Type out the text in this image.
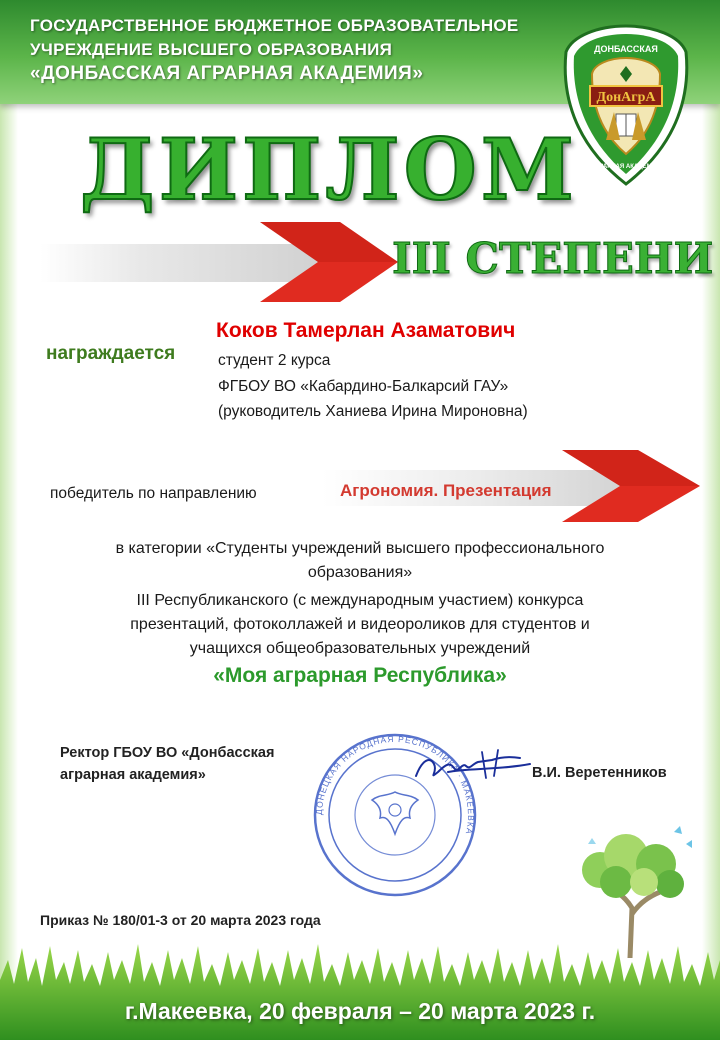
ГОСУДАРСТВЕННОЕ БЮДЖЕТНОЕ ОБРАЗОВАТЕЛЬНОЕ
УЧРЕЖДЕНИЕ ВЫСШЕГО ОБРАЗОВАНИЯ
«ДОНБАССКАЯ АГРАРНАЯ АКАДЕМИЯ»
ДонАгрА
ДОНБАССКАЯ
АГРАРНАЯ АКАДЕМИЯ
ДИПЛОМ
III СТЕПЕНИ
награждается
Коков Тамерлан Азаматович
студент 2 курса
ФГБОУ ВО «Кабардино-Балкарсий ГАУ»
(руководитель Ханиева Ирина Мироновна)
победитель по направлению	Агрономия. Презентация
в категории «Студенты учреждений высшего профессионального
образования»
III Республиканского (с международным участием) конкурса
презентаций, фотоколлажей и видеороликов для студентов и
учащихся общеобразовательных учреждений
«Моя аграрная Республика»
Ректор ГБОУ ВО «Донбасская
аграрная академия»
ДОНЕЦКАЯ НАРОДНАЯ РЕСПУБЛИКА · МАКЕЕВКА
В.И. Веретенников
Приказ № 180/01-3 от 20 марта 2023 года
г.Макеевка, 20 февраля – 20 марта 2023 г.
